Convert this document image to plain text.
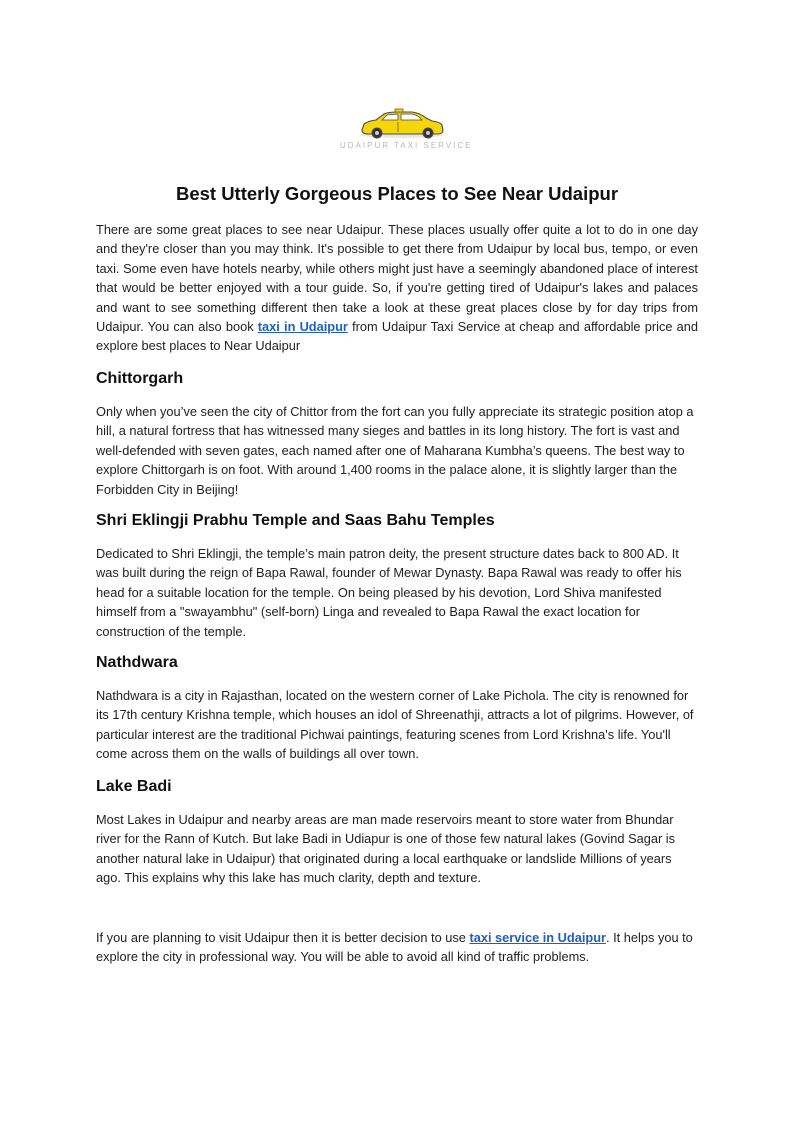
UDAIPUR TAXI SERVICE
Best Utterly Gorgeous Places to See Near Udaipur

There are some great places to see near Udaipur. These places usually offer quite a lot to do in one day and they're closer than you may think. It's possible to get there from Udaipur by local bus, tempo, or even taxi. Some even have hotels nearby, while others might just have a seemingly abandoned place of interest that would be better enjoyed with a tour guide. So, if you're getting tired of Udaipur's lakes and palaces and want to see something different then take a look at these great places close by for day trips from Udaipur. You can also book taxi in Udaipur from Udaipur Taxi Service at cheap and affordable price and explore best places to Near Udaipur

Chittorgarh

Only when you’ve seen the city of Chittor from the fort can you fully appreciate its strategic position atop a hill, a natural fortress that has witnessed many sieges and battles in its long history. The fort is vast and well-defended with seven gates, each named after one of Maharana Kumbha’s queens. The best way to explore Chittorgarh is on foot. With around 1,400 rooms in the palace alone, it is slightly larger than the Forbidden City in Beijing!

Shri Eklingji Prabhu Temple and Saas Bahu Temples

Dedicated to Shri Eklingji, the temple’s main patron deity, the present structure dates back to 800 AD. It was built during the reign of Bapa Rawal, founder of Mewar Dynasty. Bapa Rawal was ready to offer his head for a suitable location for the temple. On being pleased by his devotion, Lord Shiva manifested himself from a "swayambhu" (self-born) Linga and revealed to Bapa Rawal the exact location for construction of the temple.

Nathdwara

Nathdwara is a city in Rajasthan, located on the western corner of Lake Pichola. The city is renowned for its 17th century Krishna temple, which houses an idol of Shreenathji, attracts a lot of pilgrims. However, of particular interest are the traditional Pichwai paintings, featuring scenes from Lord Krishna's life. You'll come across them on the walls of buildings all over town.

Lake Badi

Most Lakes in Udaipur and nearby areas are man made reservoirs meant to store water from Bhundar river for the Rann of Kutch. But lake Badi in Udiapur is one of those few natural lakes (Govind Sagar is another natural lake in Udaipur) that originated during a local earthquake or landslide Millions of years ago. This explains why this lake has much clarity, depth and texture.

If you are planning to visit Udaipur then it is better decision to use taxi service in Udaipur. It helps you to explore the city in professional way. You will be able to avoid all kind of traffic problems.
